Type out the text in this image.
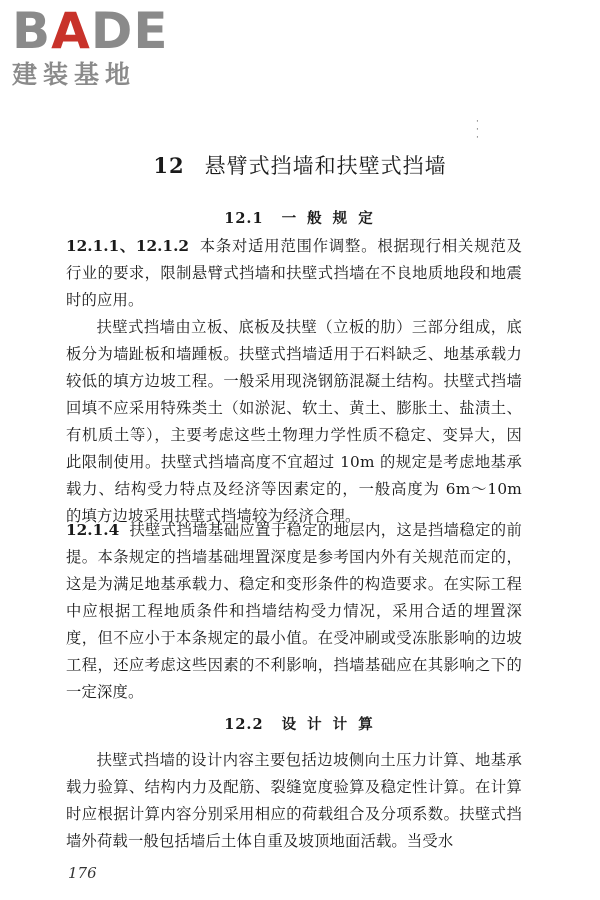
BADE
建装基地
·
·
·
12 悬臂式挡墙和扶壁式挡墙
12.1 一 般 规 定

12.1.1、12.1.2 本条对适用范围作调整。根据现行相关规范及行业的要求，限制悬臂式挡墙和扶壁式挡墙在不良地质地段和地震时的应用。

扶壁式挡墙由立板、底板及扶壁（立板的肋）三部分组成，底板分为墙趾板和墙踵板。扶壁式挡墙适用于石料缺乏、地基承载力较低的填方边坡工程。一般采用现浇钢筋混凝土结构。扶壁式挡墙回填不应采用特殊类土（如淤泥、软土、黄土、膨胀土、盐渍土、有机质土等），主要考虑这些土物理力学性质不稳定、变异大，因此限制使用。扶壁式挡墙高度不宜超过 10m 的规定是考虑地基承载力、结构受力特点及经济等因素定的，一般高度为 6m～10m 的填方边坡采用扶壁式挡墙较为经济合理。

12.1.4 扶壁式挡墙基础应置于稳定的地层内，这是挡墙稳定的前提。本条规定的挡墙基础埋置深度是参考国内外有关规范而定的，这是为满足地基承载力、稳定和变形条件的构造要求。在实际工程中应根据工程地质条件和挡墙结构受力情况，采用合适的埋置深度，但不应小于本条规定的最小值。在受冲刷或受冻胀影响的边坡工程，还应考虑这些因素的不利影响，挡墙基础应在其影响之下的一定深度。

12.2 设 计 计 算

扶壁式挡墙的设计内容主要包括边坡侧向土压力计算、地基承载力验算、结构内力及配筋、裂缝宽度验算及稳定性计算。在计算时应根据计算内容分别采用相应的荷载组合及分项系数。扶壁式挡墙外荷载一般包括墙后土体自重及坡顶地面活载。当受水

176
